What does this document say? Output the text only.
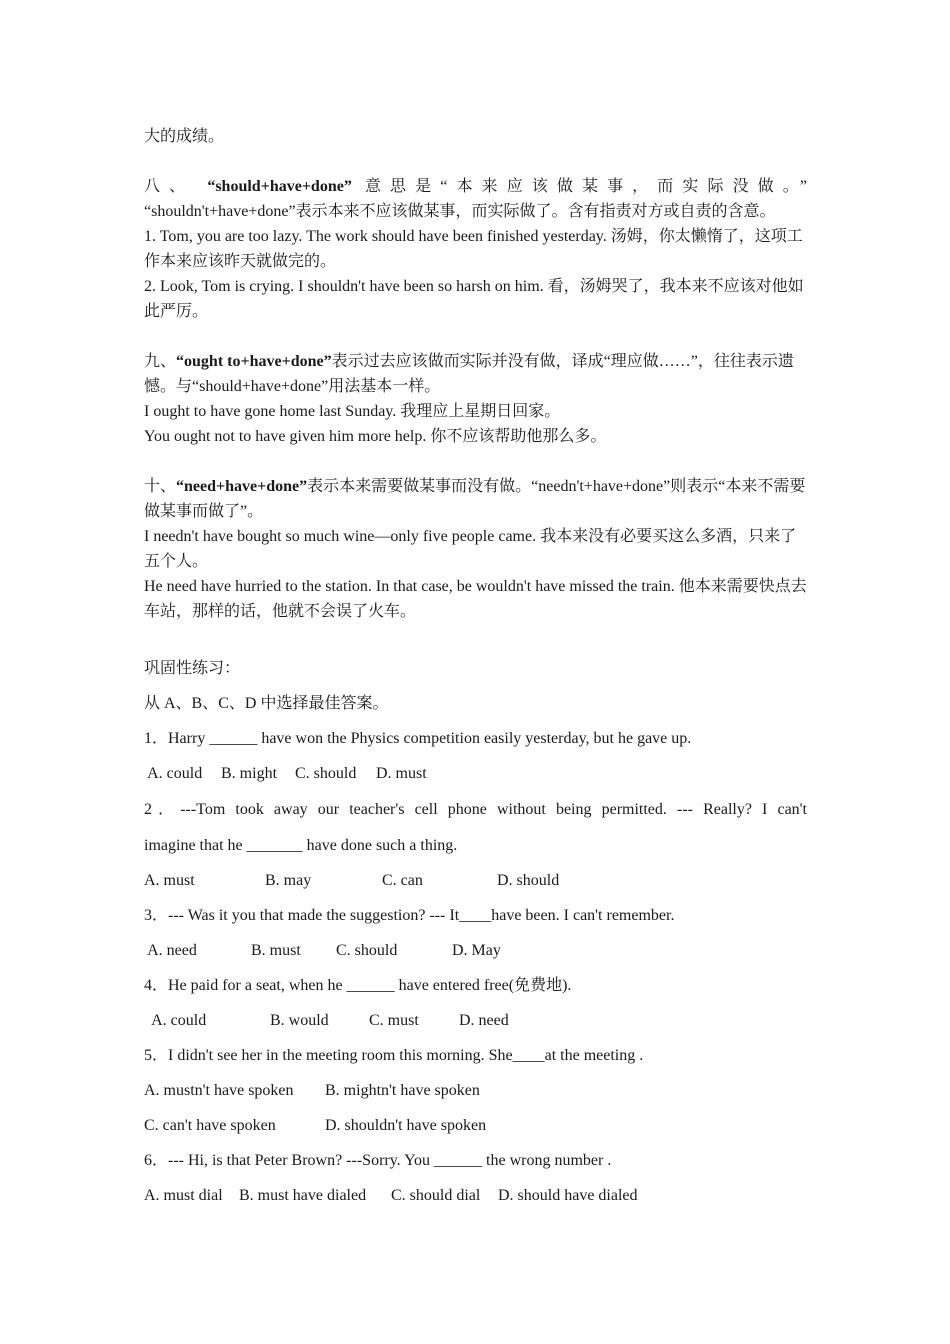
大的成绩。

八、 “should+have+done” 意思是“本来应该做某事，而实际没做。”

“shouldn't+have+done”表示本来不应该做某事，而实际做了。含有指责对方或自责的含意。

1. Tom, you are too lazy. The work should have been finished yesterday. 汤姆，你太懒惰了，这项工作本来应该昨天就做完的。

2. Look, Tom is crying. I shouldn't have been so harsh on him. 看，汤姆哭了，我本来不应该对他如此严厉。

九、“ought to+have+done”表示过去应该做而实际并没有做，译成“理应做……”，往往表示遗憾。与“should+have+done”用法基本一样。

I ought to have gone home last Sunday. 我理应上星期日回家。

You ought not to have given him more help. 你不应该帮助他那么多。

十、“need+have+done”表示本来需要做某事而没有做。“needn't+have+done”则表示“本来不需要做某事而做了”。

I needn't have bought so much wine—only five people came. 我本来没有必要买这么多酒，只来了五个人。

He need have hurried to the station. In that case, be wouldn't have missed the train. 他本来需要快点去车站，那样的话，他就不会误了火车。

巩固性练习：

从 A、B、C、D 中选择最佳答案。

1．Harry ______ have won the Physics competition easily yesterday, but he gave up.

A. could B. might C. should D. must

2．---Tom took away our teacher's cell phone without being permitted. --- Really? I can't

imagine that he _______ have done such a thing.

A. must	B. may	C. can	D. should

3．--- Was it you that made the suggestion? --- It____have been. I can't remember.

A. need	B. must C. should	D. May

4．He paid for a seat, when he ______ have entered free(免费地).

A. could	B. would	C. must	D. need

5．I didn't see her in the meeting room this morning. She____at the meeting .

A. mustn't have spoken B. mightn't have spoken

C. can't have spoken	D. shouldn't have spoken

6．--- Hi, is that Peter Brown? ---Sorry. You ______ the wrong number .

A. must dial B. must have dialed C. should dial D. should have dialed
